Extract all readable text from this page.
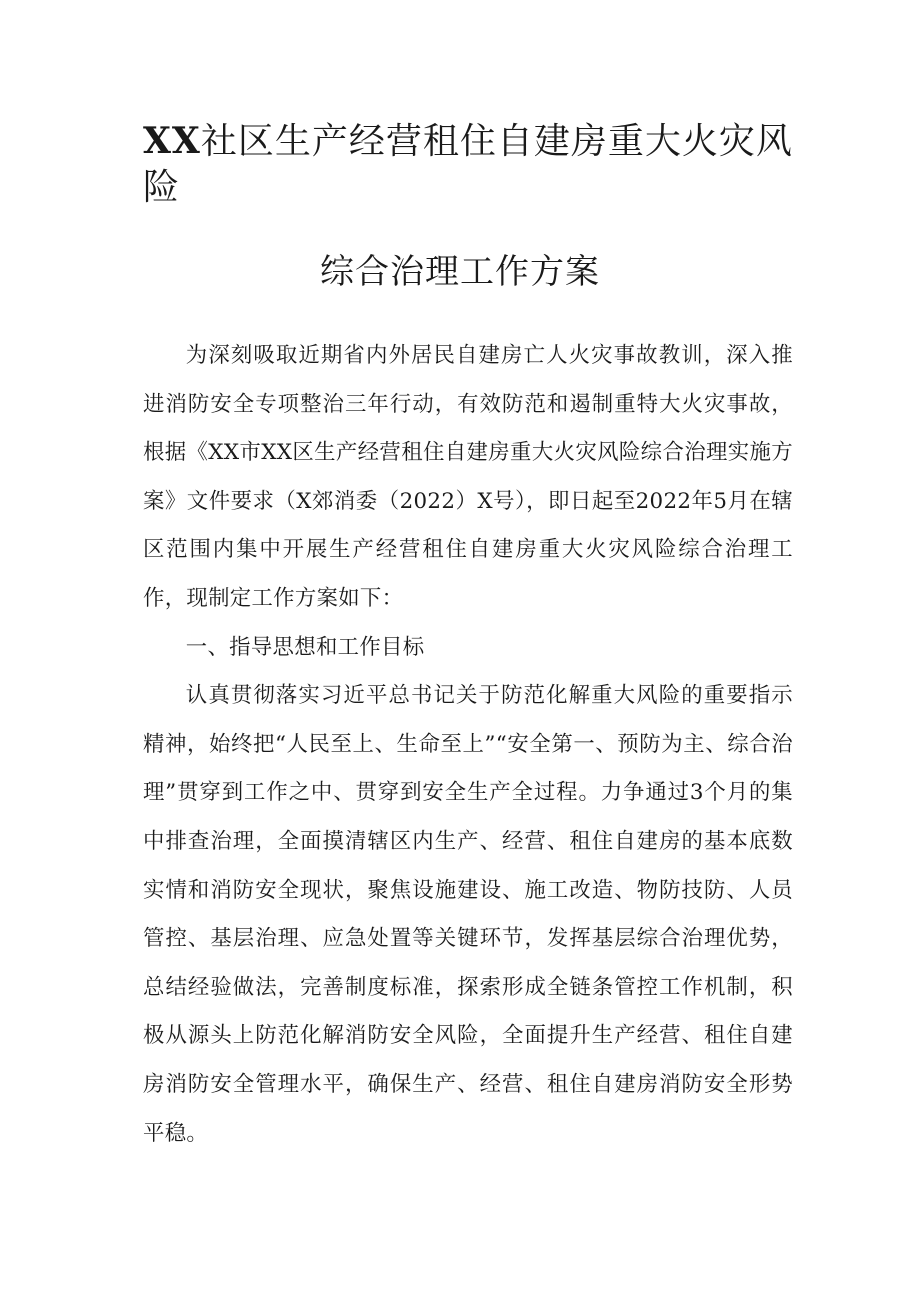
XX社区生产经营租住自建房重大火灾风险
综合治理工作方案

为深刻吸取近期省内外居民自建房亡人火灾事故教训，深入推进消防安全专项整治三年行动，有效防范和遏制重特大火灾事故，根据《XX市XX区生产经营租住自建房重大火灾风险综合治理实施方案》文件要求（X郊消委（2022）X号），即日起至2022年5月在辖区范围内集中开展生产经营租住自建房重大火灾风险综合治理工作，现制定工作方案如下：

一、指导思想和工作目标

认真贯彻落实习近平总书记关于防范化解重大风险的重要指示精神，始终把“人民至上、生命至上”“安全第一、预防为主、综合治理”贯穿到工作之中、贯穿到安全生产全过程。力争通过3个月的集中排查治理，全面摸清辖区内生产、经营、租住自建房的基本底数实情和消防安全现状，聚焦设施建设、施工改造、物防技防、人员管控、基层治理、应急处置等关键环节，发挥基层综合治理优势，总结经验做法，完善制度标准，探索形成全链条管控工作机制，积极从源头上防范化解消防安全风险，全面提升生产经营、租住自建房消防安全管理水平，确保生产、经营、租住自建房消防安全形势平稳。
